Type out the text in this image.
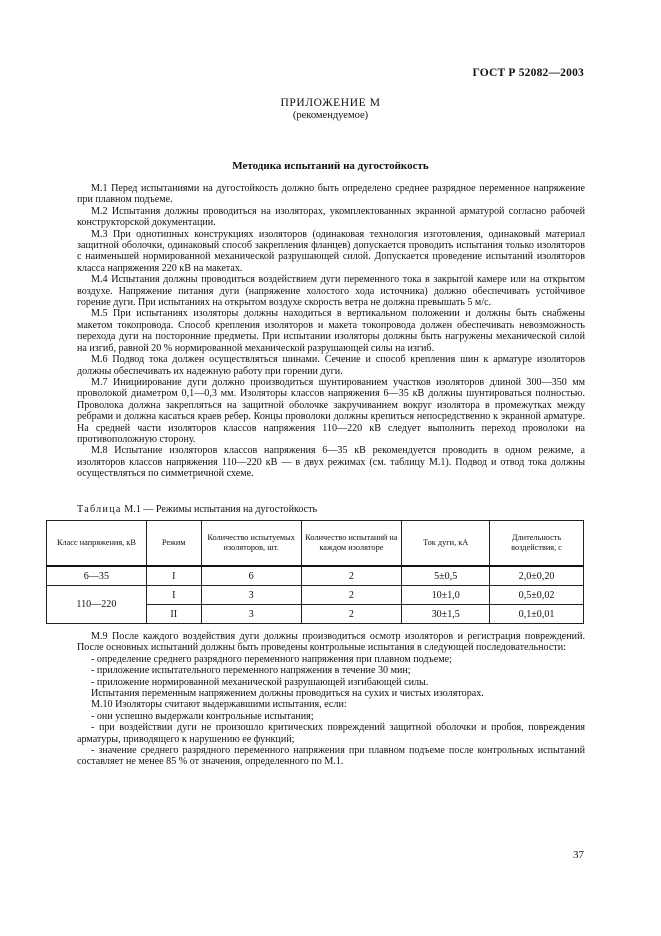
ГОСТ Р 52082—2003
ПРИЛОЖЕНИЕ М
(рекомендуемое)
Методика испытаний на дугостойкость

М.1 Перед испытаниями на дугостойкость должно быть определено среднее разрядное переменное напряжение при плавном подъеме.

М.2 Испытания должны проводиться на изоляторах, укомплектованных экранной арматурой согласно рабочей конструкторской документации.

М.3 При однотипных конструкциях изоляторов (одинаковая технология изготовления, одинаковый материал защитной оболочки, одинаковый способ закрепления фланцев) допускается проводить испытания только изоляторов с наименьшей нормированной механической разрушающей силой. Допускается проведение испытаний изоляторов класса напряжения 220 кВ на макетах.

М.4 Испытания должны проводиться воздействием дуги переменного тока в закрытой камере или на открытом воздухе. Напряжение питания дуги (напряжение холостого хода источника) должно обеспечивать устойчивое горение дуги. При испытаниях на открытом воздухе скорость ветра не должна превышать 5 м/с.

М.5 При испытаниях изоляторы должны находиться в вертикальном положении и должны быть снабжены макетом токопровода. Способ крепления изоляторов и макета токопровода должен обеспечивать невозможность перехода дуги на посторонние предметы. При испытании изоляторы должны быть нагружены механической силой на изгиб, равной 20 % нормированной механической разрушающей силы на изгиб.

М.6 Подвод тока должен осуществляться шинами. Сечение и способ крепления шин к арматуре изоляторов должны обеспечивать их надежную работу при горении дуги.

М.7 Инициирование дуги должно производиться шунтированием участков изоляторов длиной 300—350 мм проволокой диаметром 0,1—0,3 мм. Изоляторы классов напряжения 6—35 кВ должны шунтироваться полностью. Проволока должна закрепляться на защитной оболочке закручиванием вокруг изолятора в промежутках между ребрами и должна касаться краев ребер. Концы проволоки должны крепиться непосредственно к экранной арматуре. На средней части изоляторов классов напряжения 110—220 кВ следует выполнить переход проволоки на противоположную сторону.

М.8 Испытание изоляторов классов напряжения 6—35 кВ рекомендуется проводить в одном режиме, а изоляторов классов напряжения 110—220 кВ — в двух режимах (см. таблицу М.1). Подвод и отвод тока должны осуществляться по симметричной схеме.

Таблица М.1 — Режимы испытания на дугостойкость
Класс напряжения, кВ	Режим	Количество испытуемых изоляторов, шт.	Количество испытаний на каждом изоляторе	Ток дуги, кА	Длительность воздействия, с
6—35	I	6	2	5±0,5	2,0±0,20
110—220	I	3	2	10±1,0	0,5±0,02
	II	3	2	30±1,5	0,1±0,01

М.9 После каждого воздействия дуги должны производиться осмотр изоляторов и регистрация повреждений. После основных испытаний должны быть проведены контрольные испытания в следующей последовательности:

- определение среднего разрядного переменного напряжения при плавном подъеме;

- приложение испытательного переменного напряжения в течение 30 мин;

- приложение нормированной механической разрушающей изгибающей силы.

Испытания переменным напряжением должны проводиться на сухих и чистых изоляторах.

М.10 Изоляторы считают выдержавшими испытания, если:

- они успешно выдержали контрольные испытания;

- при воздействии дуги не произошло критических повреждений защитной оболочки и пробоя, повреждения арматуры, приводящего к нарушению ее функций;

- значение среднего разрядного переменного напряжения при плавном подъеме после контрольных испытаний составляет не менее 85 % от значения, определенного по М.1.

37
